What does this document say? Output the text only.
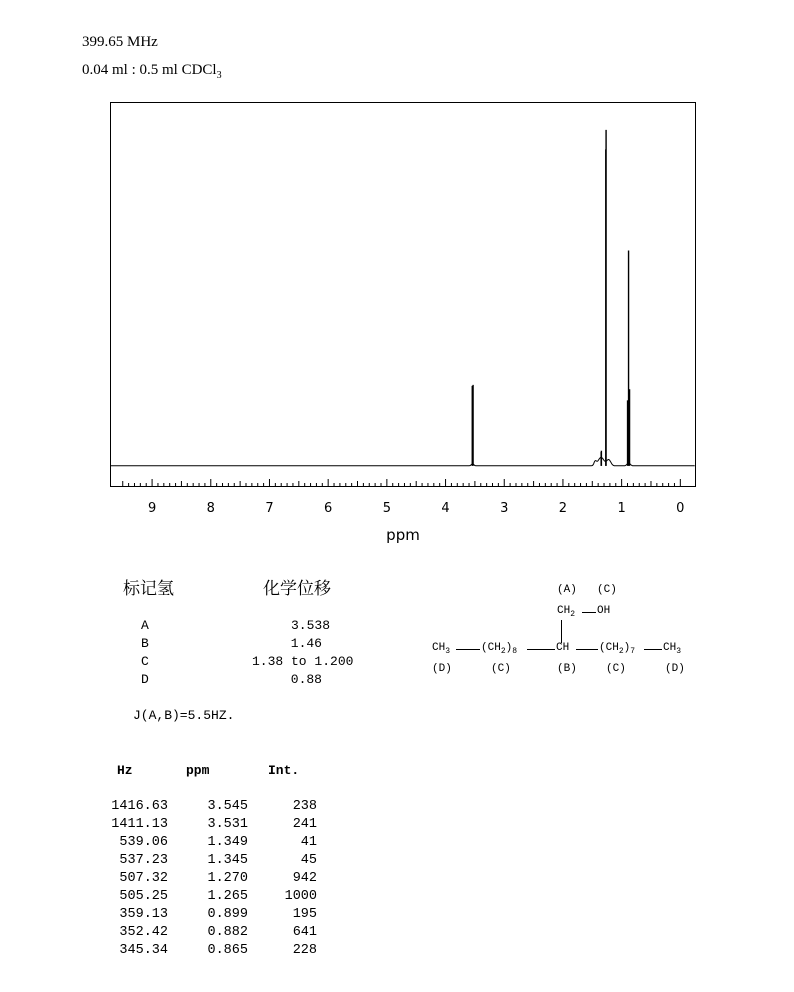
399.65 MHz
0.04 ml : 0.5 ml CDCl$_3$
9	8	7	6	5	4	3	2	1	0
ppm
标记氢	化学位移
A	3.538
B	1.46
C	1.38 to 1.200
D	0.88
J(A,B)=5.5HZ.
(A) (C)
$CH_2$ OH
$CH_3$	$(CH_2)_8$	CH	$(CH_2)_7$	$CH_3$
(D)	(C)	(B)	(C)	(D)
Hz	ppm	Int.
1416.63	3.545	238
1411.13	3.531	241
539.06	1.349	41
537.23	1.345	45
507.32	1.270	942
505.25	1.265	1000
359.13	0.899	195
352.42	0.882	641
345.34	0.865	228
